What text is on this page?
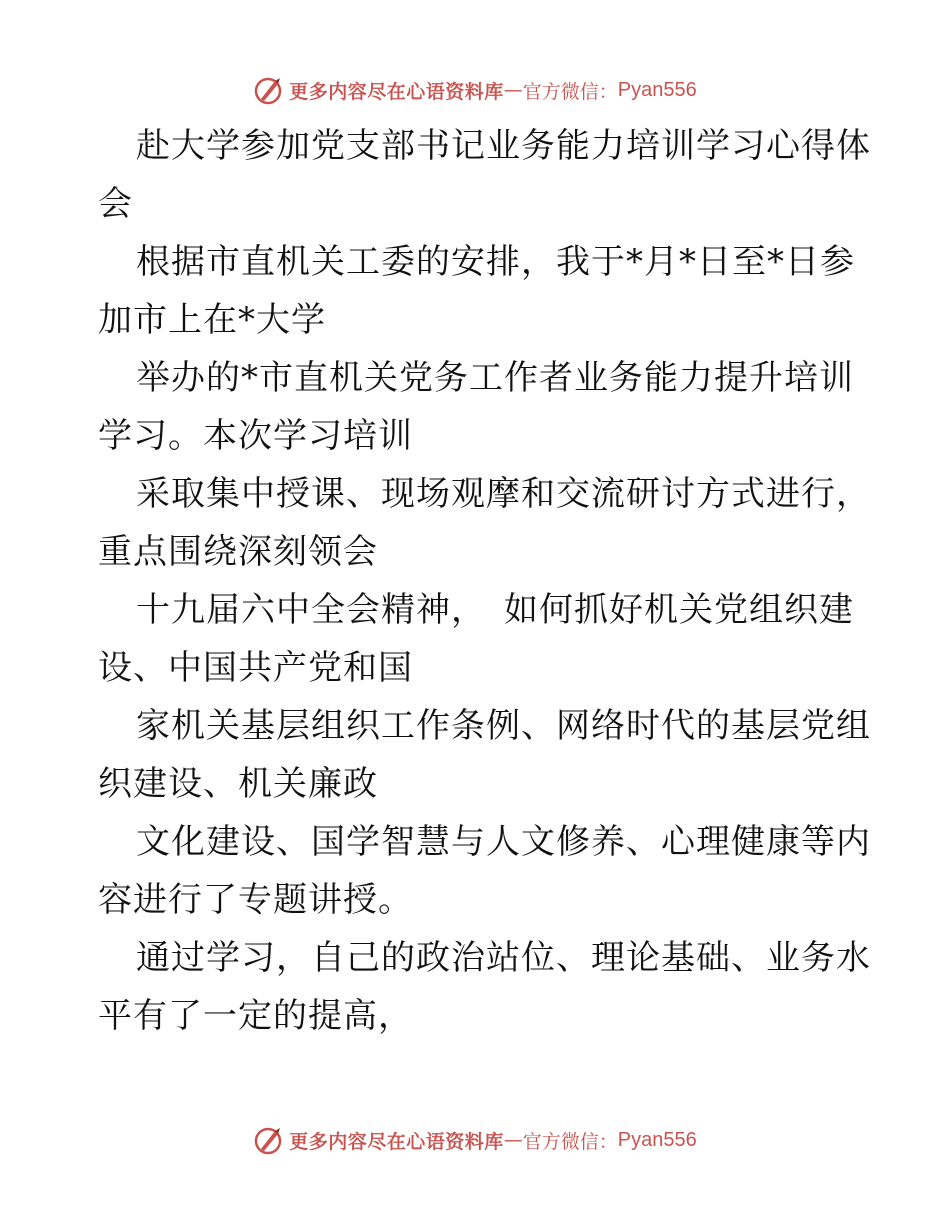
更多内容尽在心语资料库 — 官方微信： Pyan556
赴大学参加党支部书记业务能力培训学习心得体
会
根据市直机关工委的安排，我于*月*日至*日参
加市上在*大学
举办的*市直机关党务工作者业务能力提升培训
学习。本次学习培训
采取集中授课、现场观摩和交流研讨方式进行，
重点围绕深刻领会
十九届六中全会精神，　如何抓好机关党组织建
设、中国共产党和国
家机关基层组织工作条例、网络时代的基层党组
织建设、机关廉政
文化建设、国学智慧与人文修养、心理健康等内
容进行了专题讲授。
通过学习，自己的政治站位、理论基础、业务水
平有了一定的提高，
更多内容尽在心语资料库 — 官方微信： Pyan556
